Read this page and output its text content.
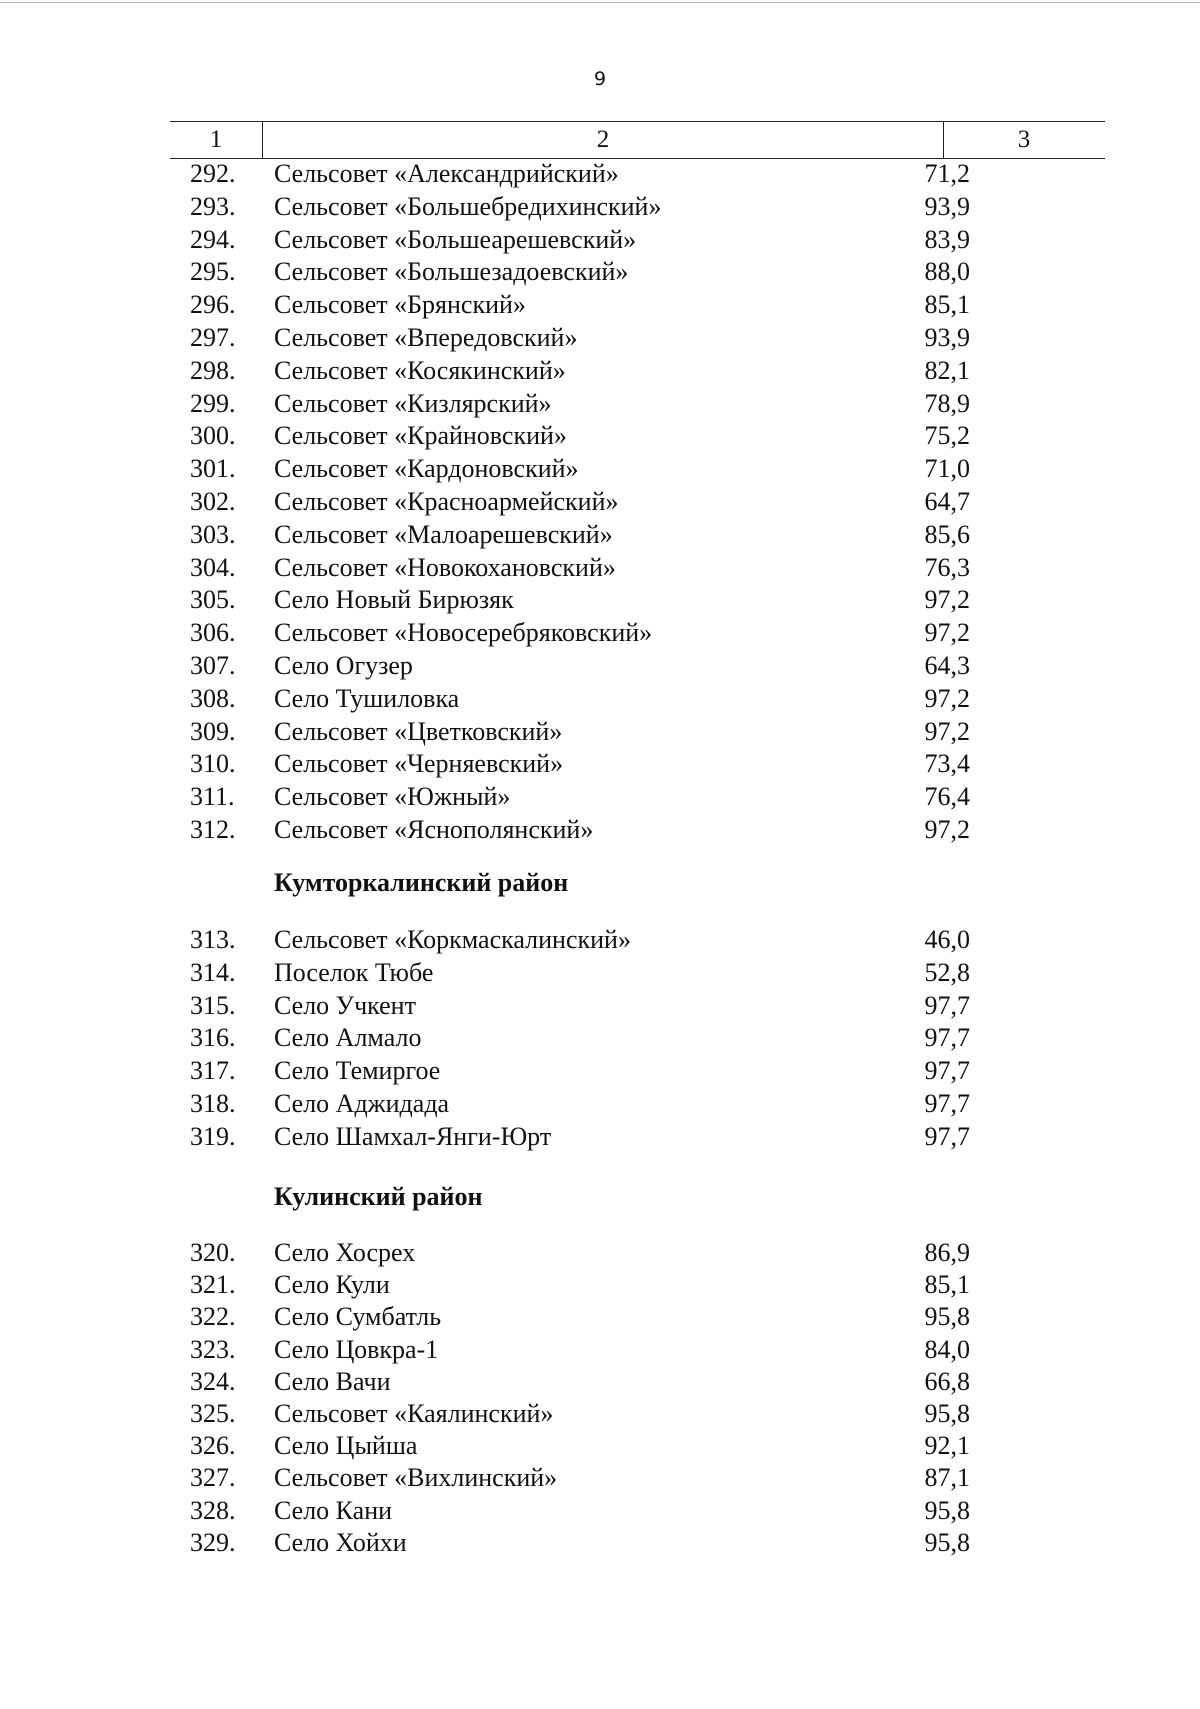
9
1	2	3
292.	Сельсовет «Александрийский»	71,2
293.	Сельсовет «Большебредихинский»	93,9
294.	Сельсовет «Большеарешевский»	83,9
295.	Сельсовет «Большезадоевский»	88,0
296.	Сельсовет «Брянский»	85,1
297.	Сельсовет «Впередовский»	93,9
298.	Сельсовет «Косякинский»	82,1
299.	Сельсовет «Кизлярский»	78,9
300.	Сельсовет «Крайновский»	75,2
301.	Сельсовет «Кардоновский»	71,0
302.	Сельсовет «Красноармейский»	64,7
303.	Сельсовет «Малоарешевский»	85,6
304.	Сельсовет «Новокохановский»	76,3
305.	Село Новый Бирюзяк	97,2
306.	Сельсовет «Новосеребряковский»	97,2
307.	Село Огузер	64,3
308.	Село Тушиловка	97,2
309.	Сельсовет «Цветковский»	97,2
310.	Сельсовет «Черняевский»	73,4
311.	Сельсовет «Южный»	76,4
312.	Сельсовет «Яснополянский»	97,2
Кумторкалинский район
313.	Сельсовет «Коркмаскалинский»	46,0
314.	Поселок Тюбе	52,8
315.	Село Учкент	97,7
316.	Село Алмало	97,7
317.	Село Темиргое	97,7
318.	Село Аджидада	97,7
319.	Село Шамхал-Янги-Юрт	97,7
Кулинский район
320.	Село Хосрех	86,9
321.	Село Кули	85,1
322.	Село Сумбатль	95,8
323.	Село Цовкра-1	84,0
324.	Село Вачи	66,8
325.	Сельсовет «Каялинский»	95,8
326.	Село Цыйша	92,1
327.	Сельсовет «Вихлинский»	87,1
328.	Село Кани	95,8
329.	Село Хойхи	95,8
